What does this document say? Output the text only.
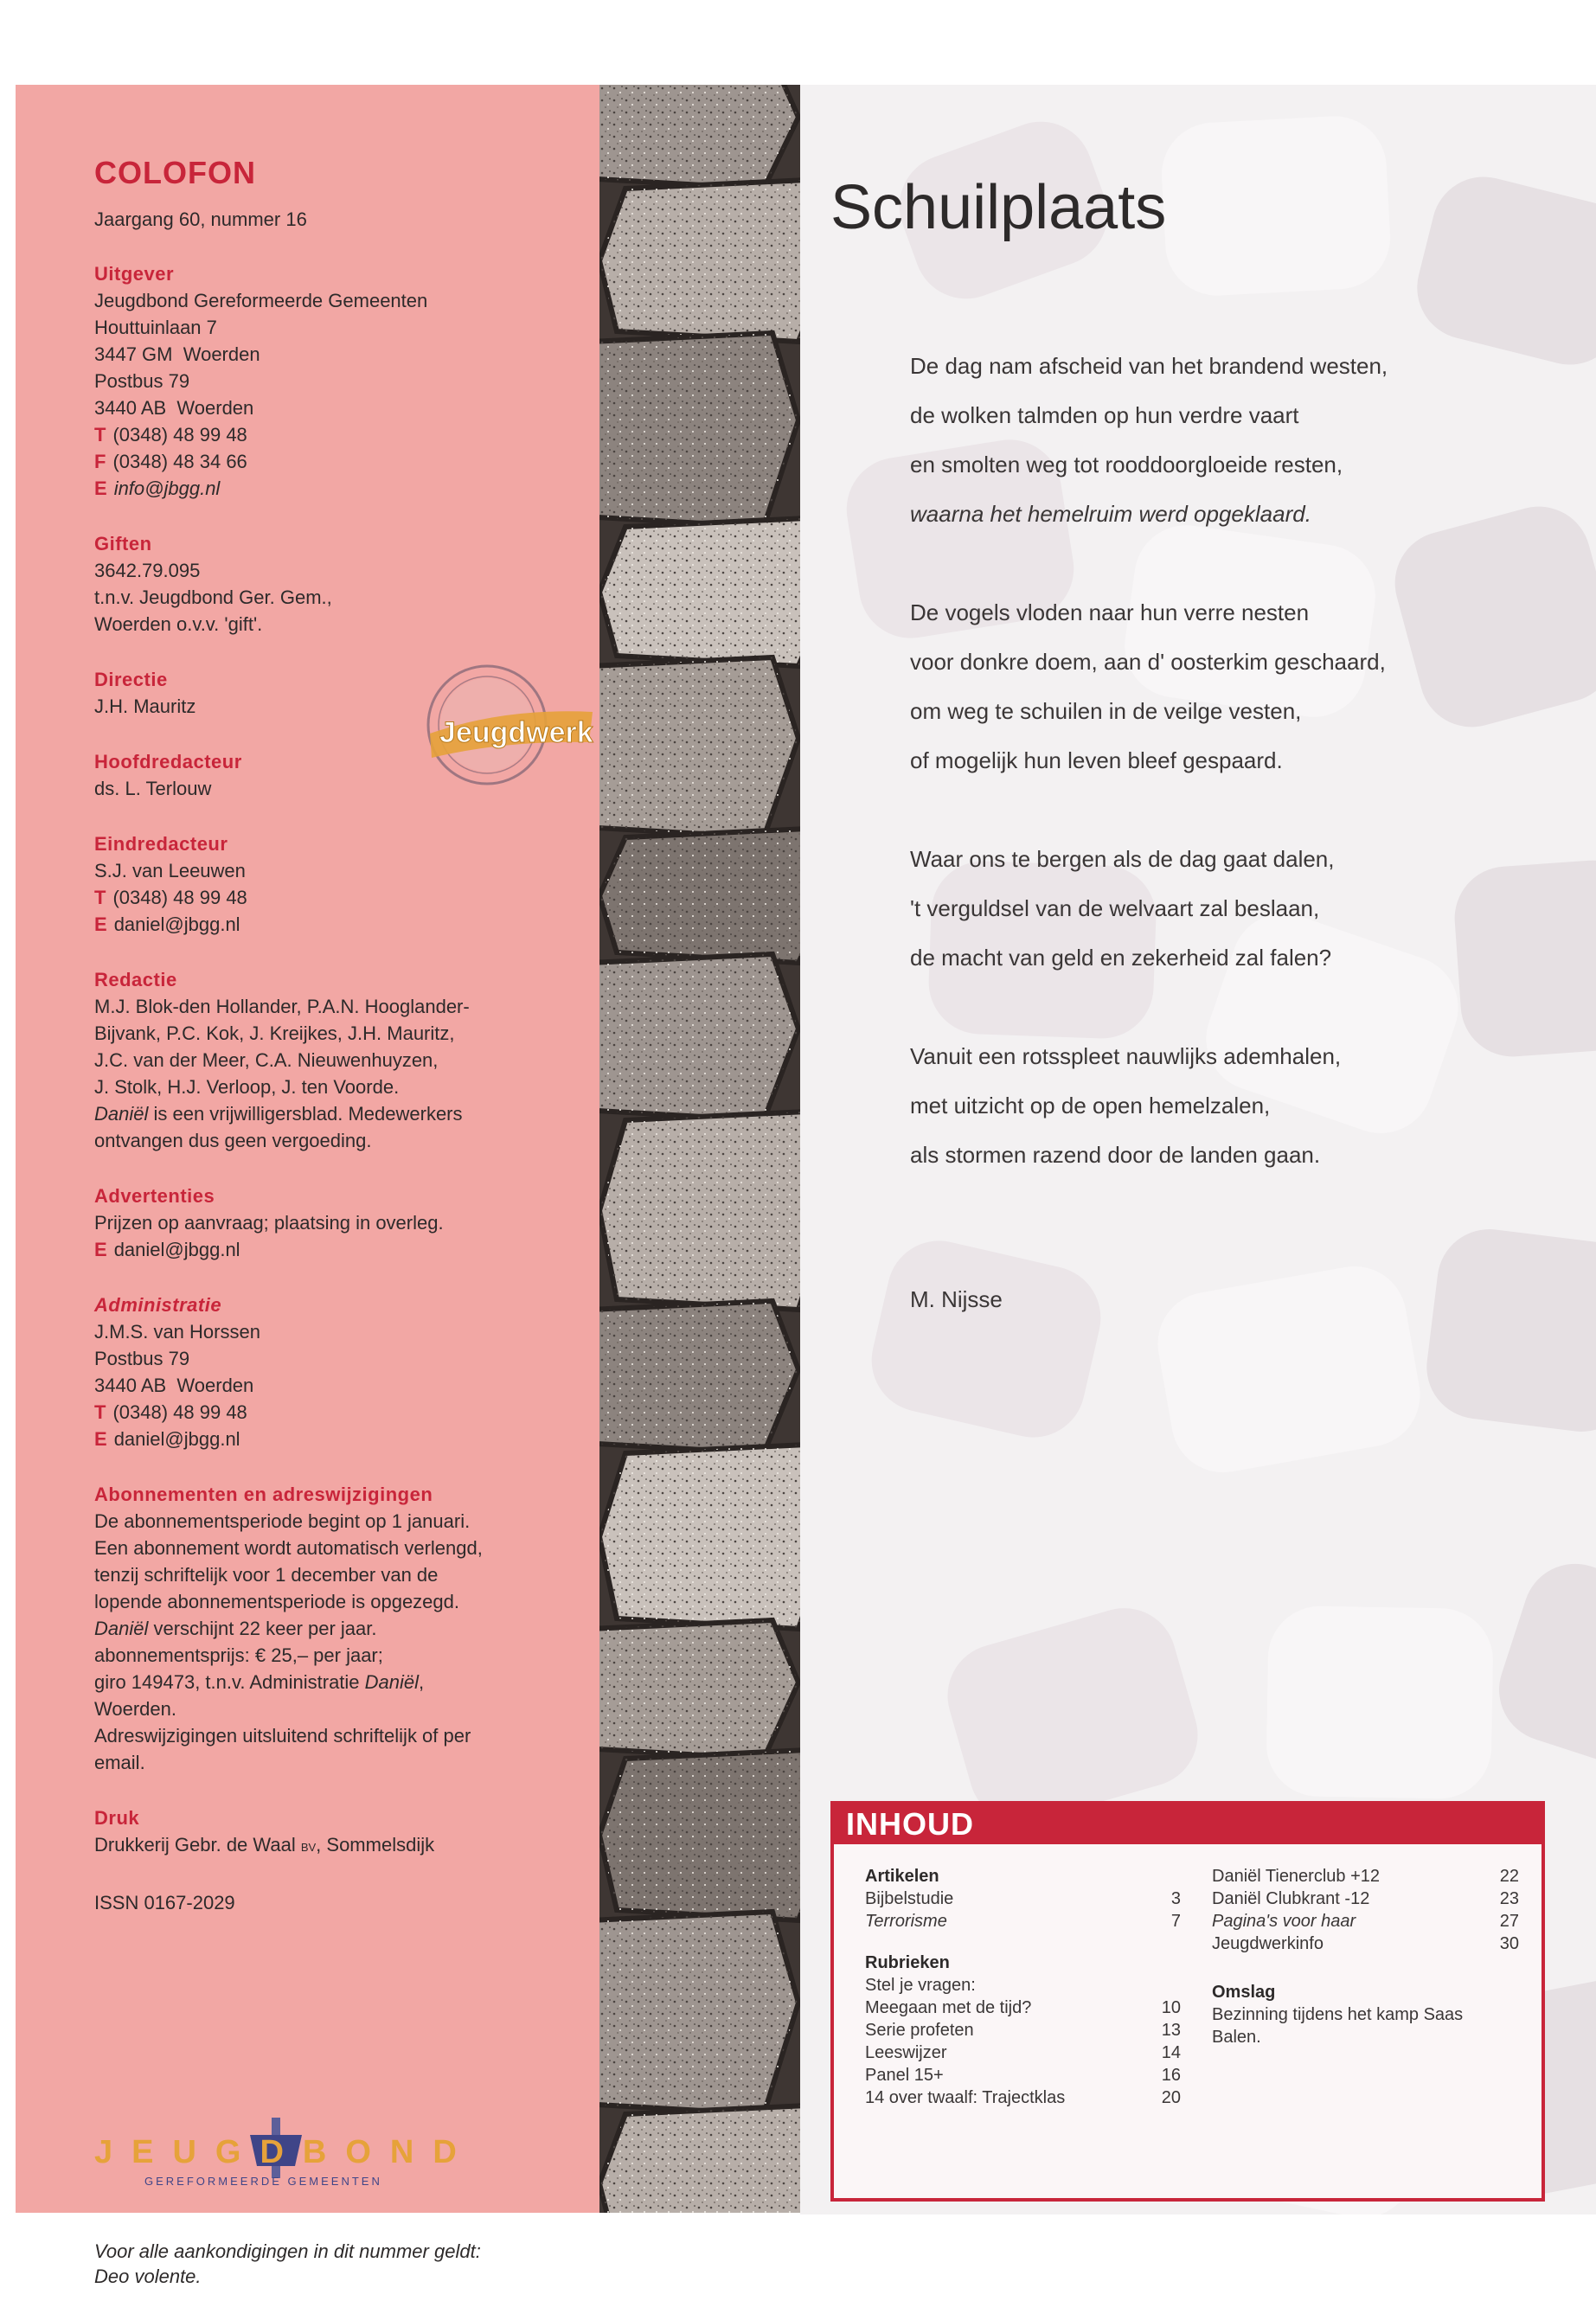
COLOFON
Jaargang 60, nummer 16
Uitgever
Jeugdbond Gereformeerde Gemeenten
Houttuinlaan 7
3447 GM  Woerden
Postbus 79
3440 AB  Woerden
T (0348) 48 99 48
F (0348) 48 34 66
E info@jbgg.nl
Giften
3642.79.095
t.n.v. Jeugdbond Ger. Gem.,
Woerden o.v.v. 'gift'.
Directie
J.H. Mauritz
Hoofdredacteur
ds. L. Terlouw
Eindredacteur
S.J. van Leeuwen
T (0348) 48 99 48
E daniel@jbgg.nl
Redactie
M.J. Blok-den Hollander, P.A.N. Hooglander-
Bijvank, P.C. Kok, J. Kreijkes, J.H. Mauritz,
J.C. van der Meer, C.A. Nieuwenhuyzen,
J. Stolk, H.J. Verloop, J. ten Voorde.
Daniël is een vrijwilligersblad. Medewerkers
ontvangen dus geen vergoeding.
Advertenties
Prijzen op aanvraag; plaatsing in overleg.
E daniel@jbgg.nl
Administratie
J.M.S. van Horssen
Postbus 79
3440 AB  Woerden
T (0348) 48 99 48
E daniel@jbgg.nl
Abonnementen en adreswijzigingen
De abonnementsperiode begint op 1 januari.
Een abonnement wordt automatisch verlengd,
tenzij schriftelijk voor 1 december van de
lopende abonnementsperiode is opgezegd.
Daniël verschijnt 22 keer per jaar.
abonnementsprijs: € 25,– per jaar;
giro 149473, t.n.v. Administratie Daniël,
Woerden.
Adreswijzigingen uitsluitend schriftelijk of per
email.
Druk
Drukkerij Gebr. de Waal BV, Sommelsdijk
ISSN 0167-2029
Jeugdwerk
JEUGDBOND
GEREFORMEERDE GEMEENTEN
Voor alle aankondigingen in dit nummer geldt:
Deo volente.
Schuilplaats
De dag nam afscheid van het brandend westen,
de wolken talmden op hun verdre vaart
en smolten weg tot rooddoorgloeide resten,
waarna het hemelruim werd opgeklaard.
De vogels vloden naar hun verre nesten
voor donkre doem, aan d' oosterkim geschaard,
om weg te schuilen in de veilge vesten,
of mogelijk hun leven bleef gespaard.
Waar ons te bergen als de dag gaat dalen,
't verguldsel van de welvaart zal beslaan,
de macht van geld en zekerheid zal falen?
Vanuit een rotsspleet nauwlijks ademhalen,
met uitzicht op de open hemelzalen,
als stormen razend door de landen gaan.
M. Nijsse
INHOUD
Artikelen
Bijbelstudie	3
Terrorisme	7
Rubrieken
Stel je vragen:
Meegaan met de tijd?	10
Serie profeten	13
Leeswijzer	14
Panel 15+	16
14 over twaalf: Trajectklas	20
Daniël Tienerclub +12	22
Daniël Clubkrant -12	23
Pagina's voor haar	27
Jeugdwerkinfo	30
Omslag
Bezinning tijdens het kamp Saas
Balen.
